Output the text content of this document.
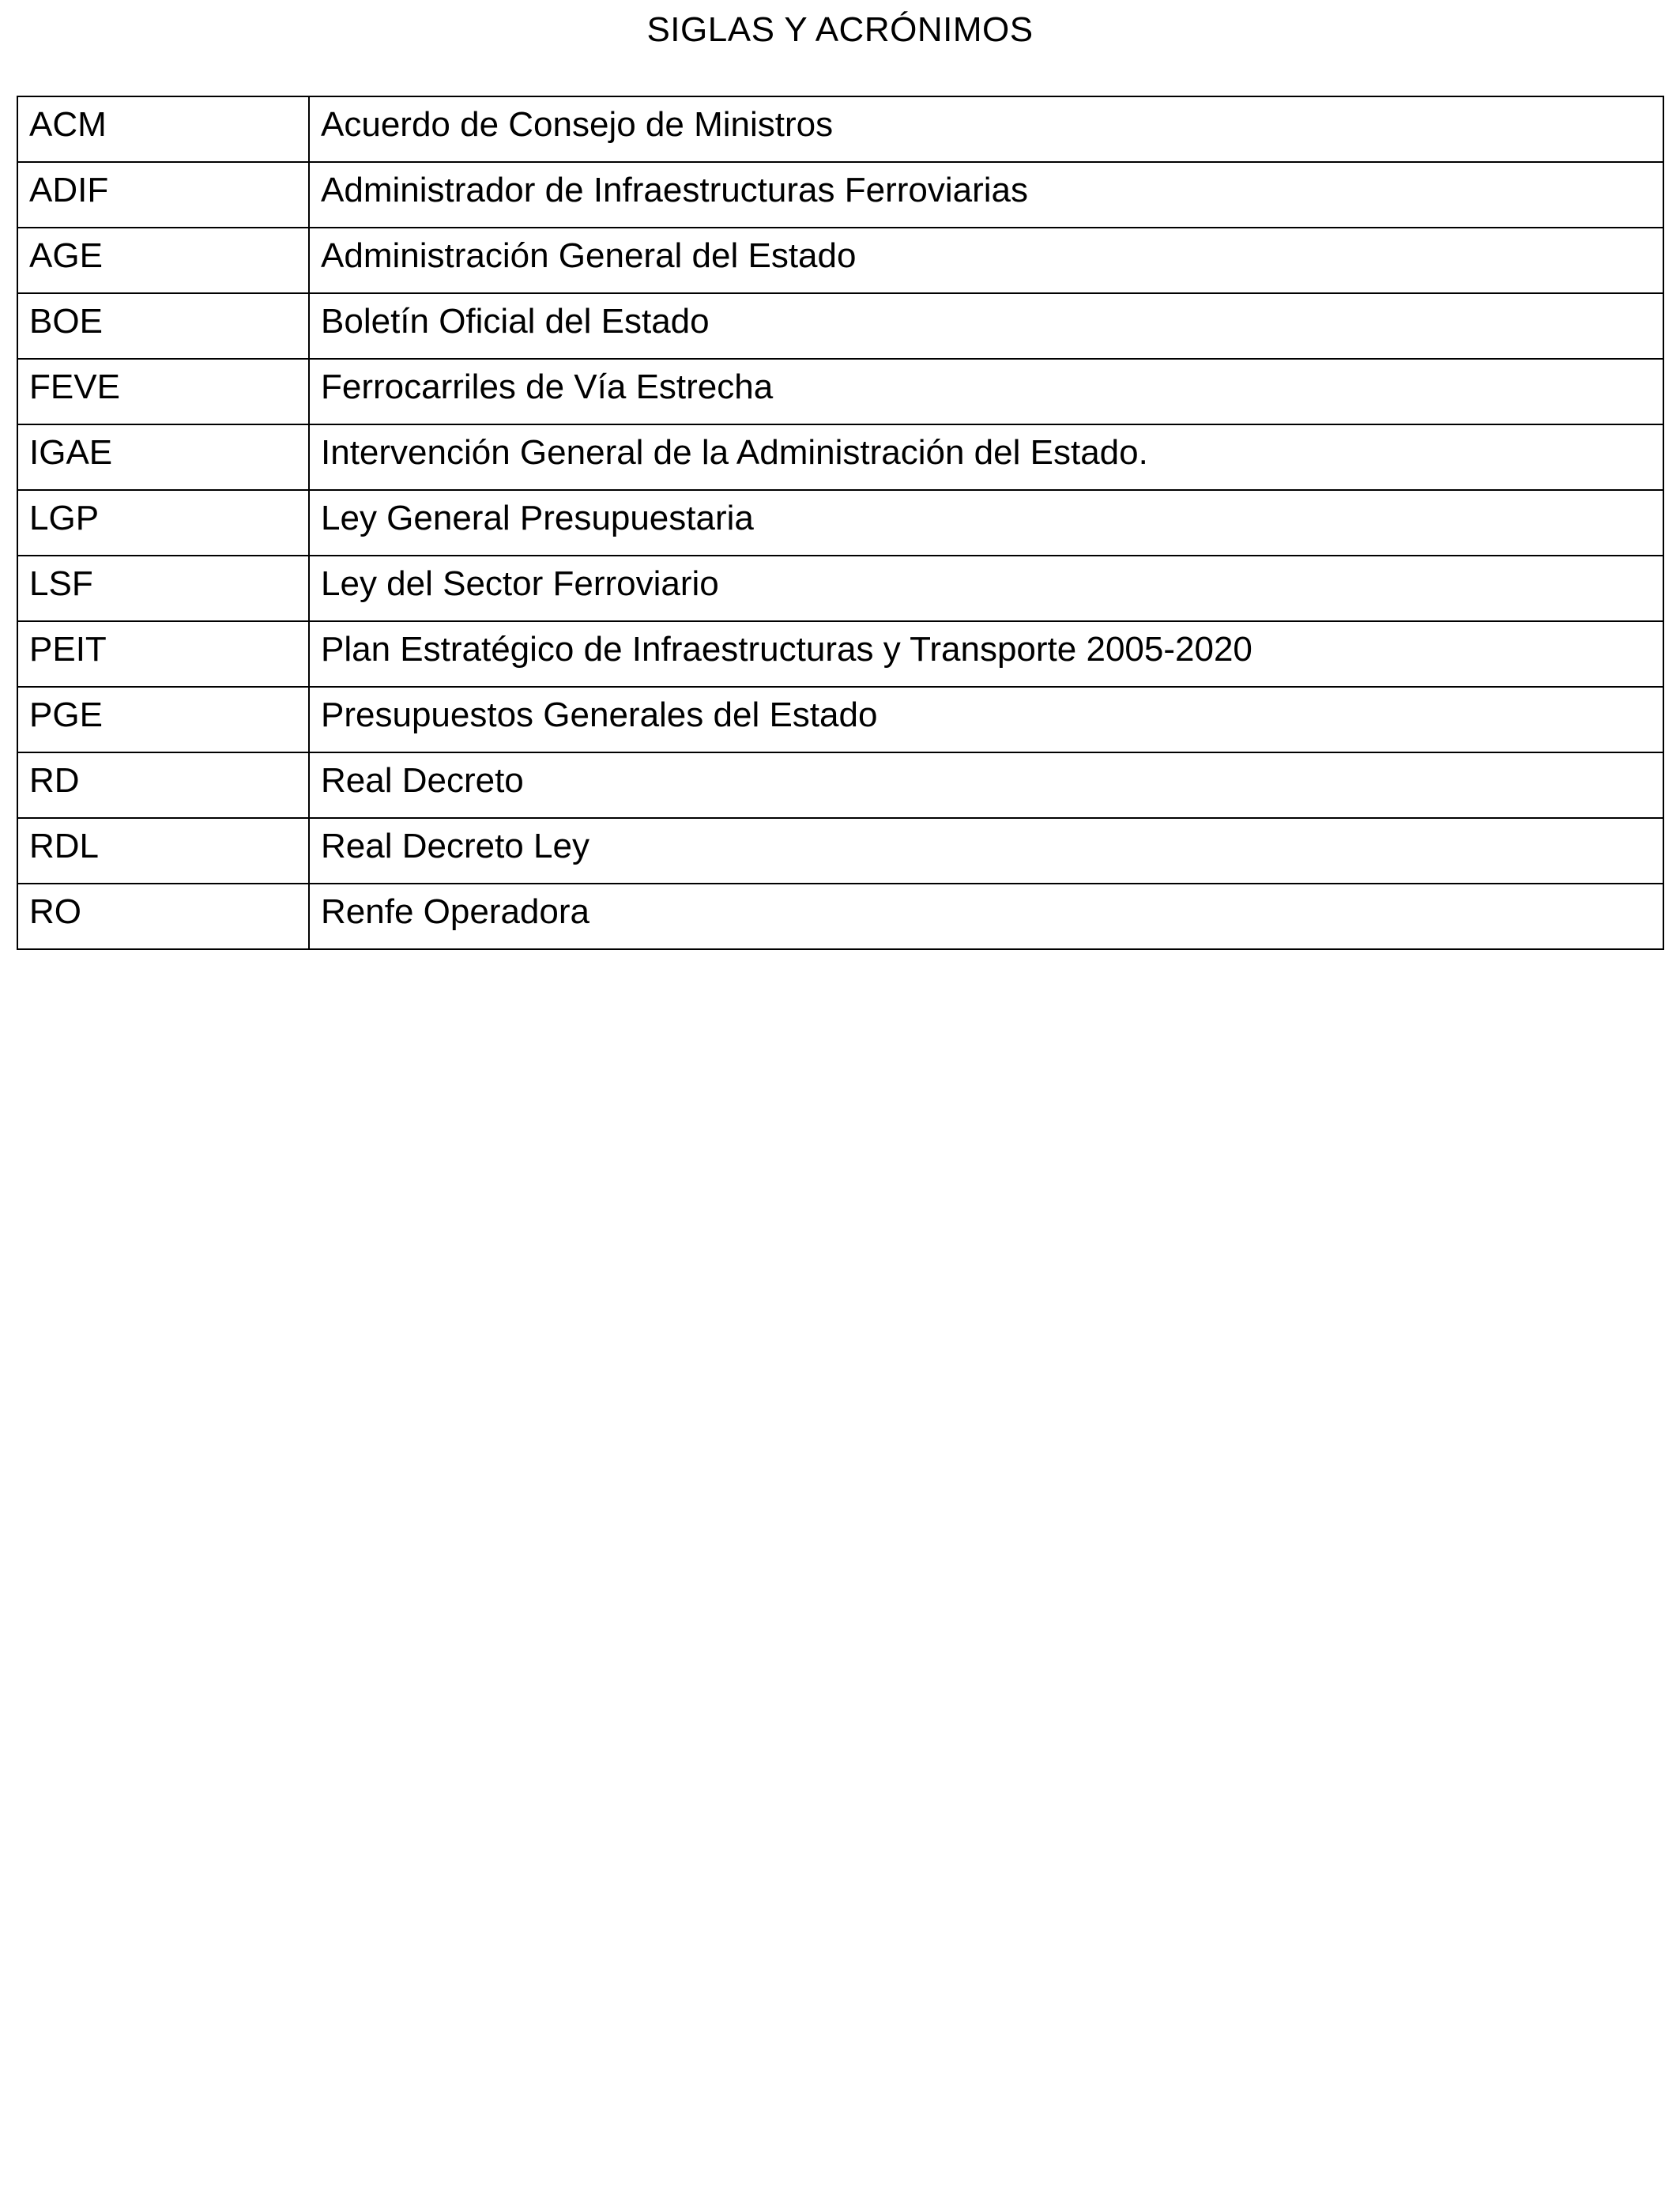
SIGLAS Y ACRÓNIMOS
ACM	Acuerdo de Consejo de Ministros
ADIF	Administrador de Infraestructuras Ferroviarias
AGE	Administración General del Estado
BOE	Boletín Oficial del Estado
FEVE	Ferrocarriles de Vía Estrecha
IGAE	Intervención General de la Administración del Estado.
LGP	Ley General Presupuestaria
LSF	Ley del Sector Ferroviario
PEIT	Plan Estratégico de Infraestructuras y Transporte 2005-2020
PGE	Presupuestos Generales del Estado
RD	Real Decreto
RDL	Real Decreto Ley
RO	Renfe Operadora
